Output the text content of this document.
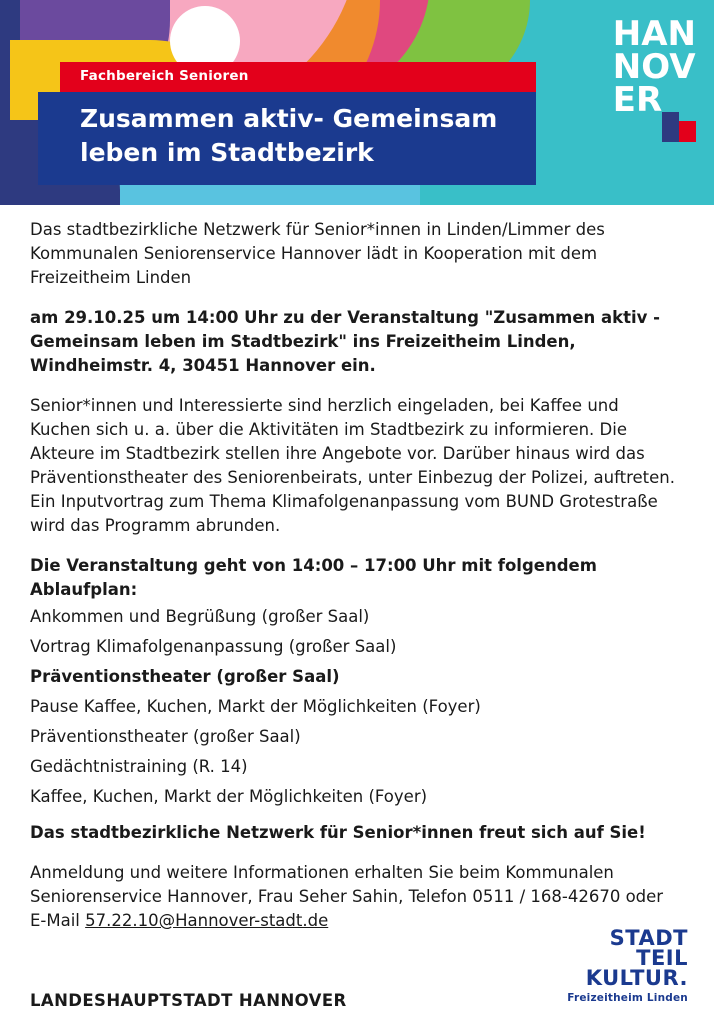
HAN
NOV
ER
Fachbereich Senioren
Zusammen aktiv- Gemeinsam leben im Stadtbezirk

Das stadtbezirkliche Netzwerk für Senior*innen in Linden/Limmer des Kommunalen Seniorenservice Hannover lädt in Kooperation mit dem Freizeitheim Linden

am 29.10.25 um 14:00 Uhr zu der Veranstaltung "Zusammen aktiv - Gemeinsam leben im Stadtbezirk" ins Freizeitheim Linden, Windheimstr. 4, 30451 Hannover ein.

Senior*innen und Interessierte sind herzlich eingeladen, bei Kaffee und Kuchen sich u. a. über die Aktivitäten im Stadtbezirk zu informieren. Die Akteure im Stadtbezirk stellen ihre Angebote vor. Darüber hinaus wird das Präventionstheater des Seniorenbeirats, unter Einbezug der Polizei, auftreten. Ein Inputvortrag zum Thema Klimafolgenanpassung vom BUND Grotestraße wird das Programm abrunden.

Die Veranstaltung geht von 14:00 – 17:00 Uhr mit folgendem Ablaufplan:

Ankommen und Begrüßung (großer Saal)

Vortrag Klimafolgenanpassung (großer Saal)

Präventionstheater (großer Saal)

Pause Kaffee, Kuchen, Markt der Möglichkeiten (Foyer)

Präventionstheater (großer Saal)

Gedächtnistraining (R. 14)

Kaffee, Kuchen, Markt der Möglichkeiten (Foyer)

Das stadtbezirkliche Netzwerk für Senior*innen freut sich auf Sie!

Anmeldung und weitere Informationen erhalten Sie beim Kommunalen Seniorenservice Hannover, Frau Seher Sahin, Telefon 0511 / 168-42670 oder E-Mail 57.22.10@Hannover-stadt.de

STADT
TEIL
KULTUR.
Freizeitheim Linden
LANDESHAUPTSTADT HANNOVER
